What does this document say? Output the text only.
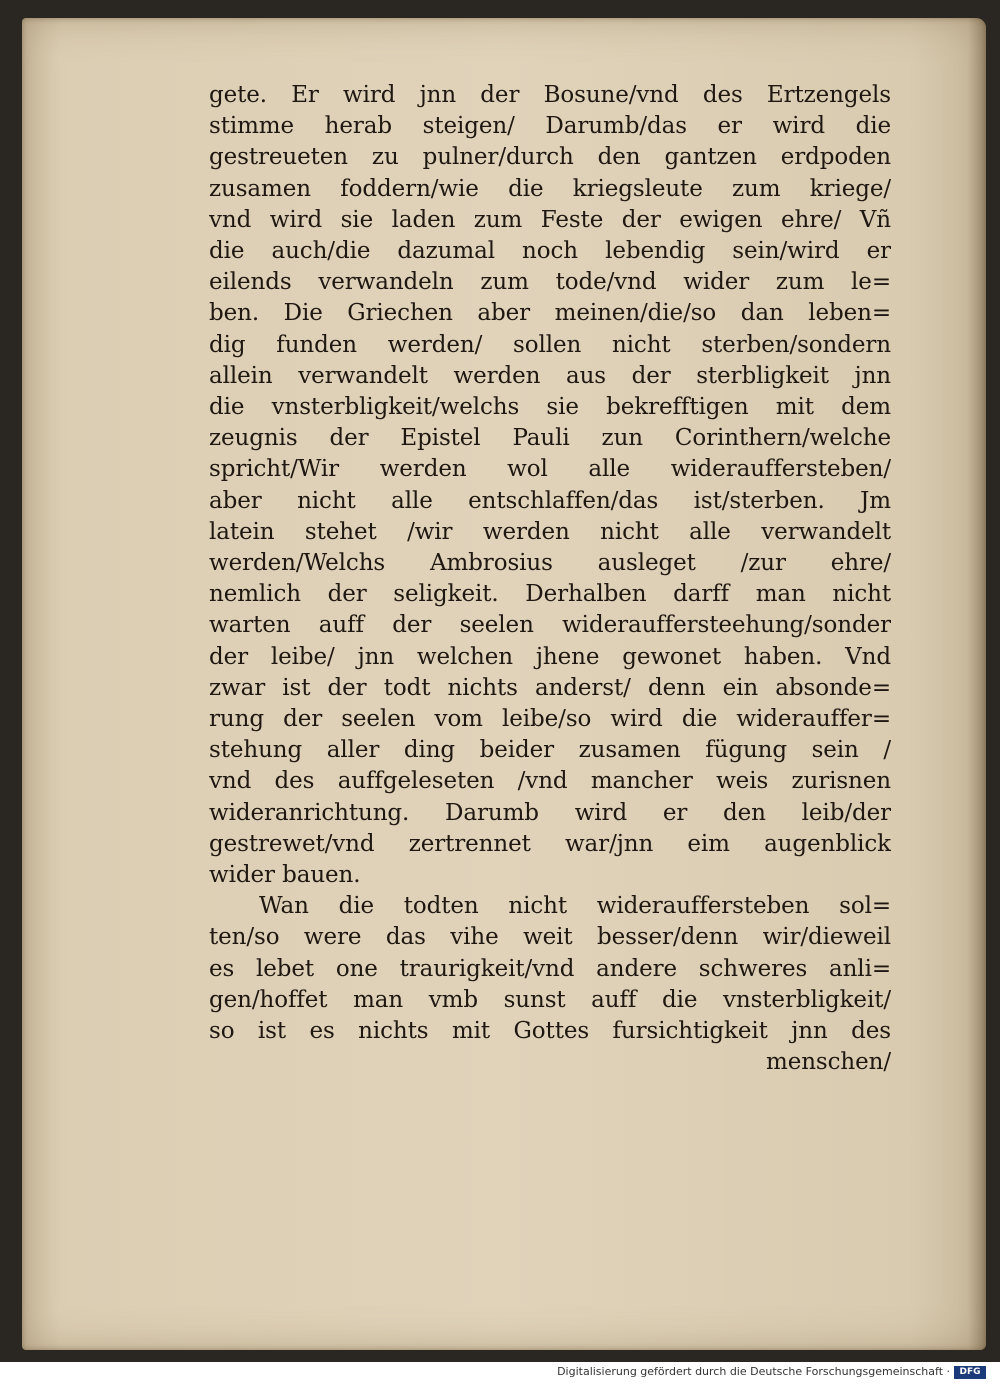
gete. Er wird jnn der Bosune/vnd des Ertzengels
stimme herab steigen/ Darumb/das er wird die
gestreueten zu pulner/durch den gantzen erdpoden
zusamen foddern/wie die kriegsleute zum kriege/
vnd wird sie laden zum Feste der ewigen ehre/ Vñ
die auch/die dazumal noch lebendig sein/wird er
eilends verwandeln zum tode/vnd wider zum le=
ben. Die Griechen aber meinen/die/so dan leben=
dig funden werden/ sollen nicht sterben/sondern
allein verwandelt werden aus der sterbligkeit jnn
die vnsterbligkeit/welchs sie bekrefftigen mit dem
zeugnis der Epistel Pauli zun Corinthern/welche
spricht/Wir werden wol alle widerauffersteben/
aber nicht alle entschlaffen/das ist/sterben. Jm
latein stehet /wir werden nicht alle verwandelt
werden/Welchs Ambrosius ausleget /zur ehre/
nemlich der seligkeit. Derhalben darff man nicht
warten auff der seelen widerauffersteehung/sonder
der leibe/ jnn welchen jhene gewonet haben. Vnd
zwar ist der todt nichts anderst/ denn ein absonde=
rung der seelen vom leibe/so wird die widerauffer=
stehung aller ding beider zusamen fügung sein /
vnd des auffgeleseten /vnd mancher weis zurisnen
wideranrichtung. Darumb wird er den leib/der
gestrewet/vnd zertrennet war/jnn eim augenblick
wider bauen.
Wan die todten nicht widerauffersteben sol=
ten/so were das vihe weit besser/denn wir/dieweil
es lebet one traurigkeit/vnd andere schweres anli=
gen/hoffet man vmb sunst auff die vnsterbligkeit/
so ist es nichts mit Gottes fursichtigkeit jnn des
menschen/
Digitalisierung gefördert durch die Deutsche Forschungsgemeinschaft ·	DFG
